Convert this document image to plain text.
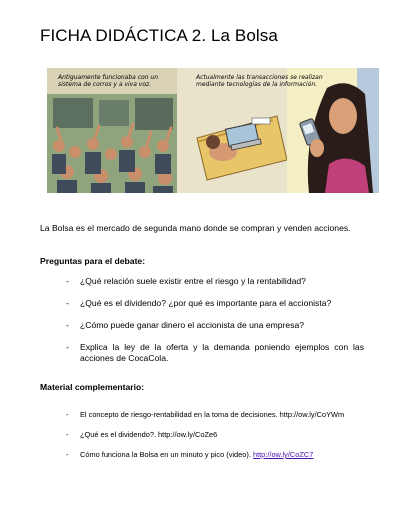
FICHA DIDÁCTICA 2. La Bolsa
Antiguamente funcionaba con un sistema de corros y a viva voz.
Actualmente las transacciones se realizan mediante tecnologías de la información.

La Bolsa es el mercado de segunda mano donde se compran y venden acciones.

Preguntas para el debate:
- ¿Qué relación suele existir entre el riesgo y la rentabilidad?
- ¿Qué es el dividendo? ¿por qué es importante para el accionista?
- ¿Cómo puede ganar dinero el accionista de una empresa?
- Explica la ley de la oferta y la demanda poniendo ejemplos con las acciones de CocaCola.
Material complementario:
- El concepto de riesgo-rentabilidad en la toma de decisiones. http://ow.ly/CoYWm
- ¿Qué es el dividendo?. http://ow.ly/CoZe6
- Cómo funciona la Bolsa en un minuto y pico (video). http://ow.ly/CoZC7
